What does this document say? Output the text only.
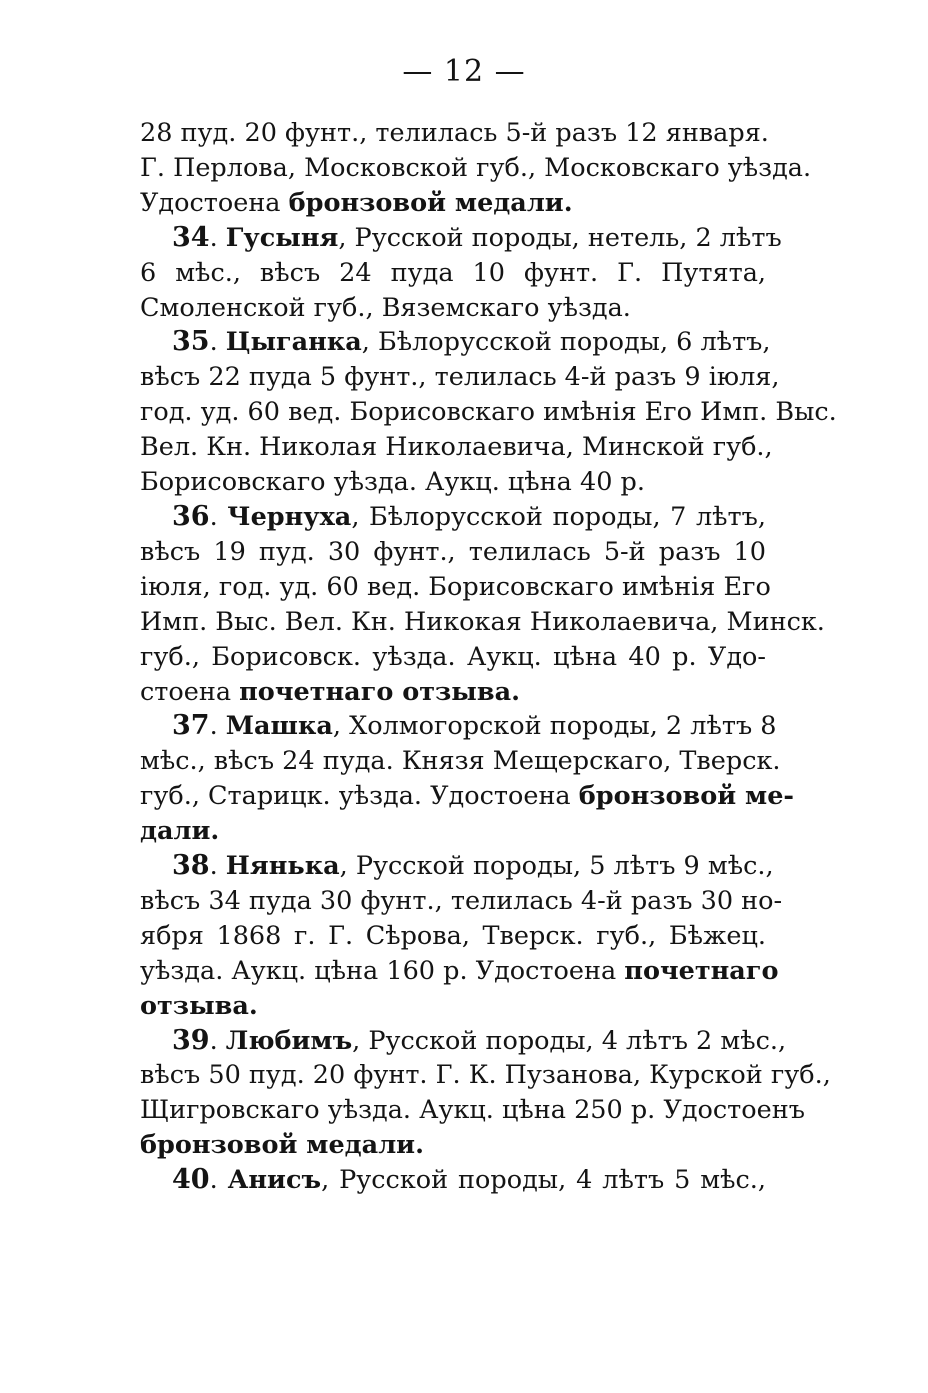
— 12 —
28 пуд. 20 фунт., телилась 5-й разъ 12 января.
Г. Перлова, Московской губ., Московскаго уѣзда.
Удостоена бронзовой медали.
34. Гусыня, Русской породы, нетель, 2 лѣтъ
6 мѣс., вѣсъ 24 пуда 10 фунт. Г. Путята,
Смоленской губ., Вяземскаго уѣзда.
35. Цыганка, Бѣлорусской породы, 6 лѣтъ,
вѣсъ 22 пуда 5 фунт., телилась 4-й разъ 9 іюля,
год. уд. 60 вед. Борисовскаго имѣнія Его Имп. Выс.
Вел. Кн. Николая Николаевича, Минской губ.,
Борисовскаго уѣзда. Аукц. цѣна 40 р.
36. Чернуха, Бѣлорусской породы, 7 лѣтъ,
вѣсъ 19 пуд. 30 фунт., телилась 5-й разъ 10
іюля, год. уд. 60 вед. Борисовскаго имѣнія Его
Имп. Выс. Вел. Кн. Никокая Николаевича, Минск.
губ., Борисовск. уѣзда. Аукц. цѣна 40 р. Удо-
стоена почетнаго отзыва.
37. Машка, Холмогорской породы, 2 лѣтъ 8
мѣс., вѣсъ 24 пуда. Князя Мещерскаго, Тверск.
губ., Старицк. уѣзда. Удостоена бронзовой ме-
дали.
38. Нянька, Русской породы, 5 лѣтъ 9 мѣс.,
вѣсъ 34 пуда 30 фунт., телилась 4-й разъ 30 но-
ября 1868 г. Г. Сѣрова, Тверск. губ., Бѣжец.
уѣзда. Аукц. цѣна 160 р. Удостоена почетнаго
отзыва.
39. Любимъ, Русской породы, 4 лѣтъ 2 мѣс.,
вѣсъ 50 пуд. 20 фунт. Г. К. Пузанова, Курской губ.,
Щигровскаго уѣзда. Аукц. цѣна 250 р. Удостоенъ
бронзовой медали.
40. Анисъ, Русской породы, 4 лѣтъ 5 мѣс.,
